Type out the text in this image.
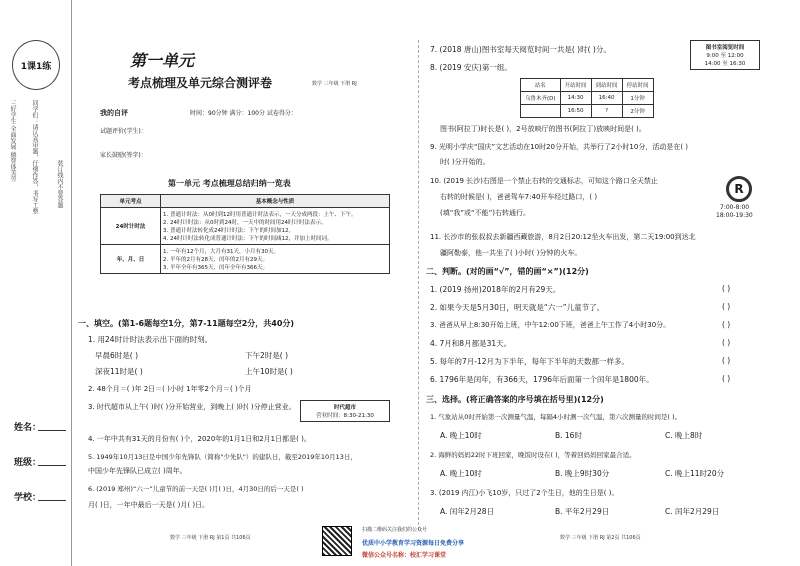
1课1练
三好学生 全面发展 德智体美劳	同学们：请认真审题，仔细作答，书写工整	装订线内不要答题
姓名：
班级：
学校：
第一单元
考点梳理及单元综合测评卷	数学 三年级 下册 RJ
我的自评	时间：90分钟 满分：100分 试卷得分：
试题评价(学生)：
家长鼓励(签字)：
第一单元 考点梳理总结归纳一览表
单元考点	基本概念与性质
24时计时法	1. 普通计时法：从0时到12时用普通计时法表示，一天分成两段：上午、下午。
2. 24时计时法：从0时到24时，一天中的时间用24时计时法表示。
3. 普通计时法转化成24时计时法：下午的时间加12。
4. 24时计时法转化成普通计时法：下午的时间减12，并加上时间词。

年、月、日	1. 一年有12个月，大月有31天，小月有30天。
2. 平年的2月有28天，闰年的2月有29天。
3. 平年全年有365天，闰年全年有366天。
一、填空。(第1-6题每空1分，第7-11题每空2分，共40分)
1. 用24时计时法表示出下面的时刻。
早晨6时是( )	下午2时是( )
深夜11时是( )	上午10时是( )
2. 48个月＝( )年 2日＝( )小时 1年零2个月＝( )个月
3. 时代超市从上午( )时( )分开始营业，到晚上( )时( )分停止营业。	时代超市
营业时间：8:30-21:30
4. 一年中共有31天的月份有( )个，2020年的1月1日和2月1日都是( )。
5. 1949年10月13日是中国少年先锋队（简称"少先队"）的建队日，截至2019年10月13日，
中国少年先锋队已成立( )周年。
6. (2019 郑州)“六一”儿童节的前一天是( )月( )日，4月30日的后一天是( )
月( )日，一年中最后一天是( )月( )日。
数学 三年级 下册 RJ 第1页 共106页
7. (2018 唐山)图书室每天阅览时间一共是( )时( )分。	图书室阅览时间
9:00 至 12:00
14:00 至 16:30
8. (2019 安庆)第一组。
站名	开站时间	到站时间	停站时间
乌鲁木齐(D)	14:30	16:40	1分钟
	16:50	?	2分钟
图书(阿拉丁)时长是( )，2号放映厅的图书(阿拉丁)放映时间是( )。
9. 光明小学庆“国庆”文艺活动在10时20分开始，共举行了2小时10分，活动是在( )
时( )分开始的。
10. (2019 长沙)右图是一个禁止右转的交通标志，可知这个路口全天禁止
右转的时候是( )，爸爸驾车7:40开车经过路口，( )
(填“我”或“不能”)右转通行。
R
7:00-8:00
18:00-19:30
11. 长沙市的张叔叔去新疆西藏旅游，8月2日20:12坐火车出发，第二天19:00到达北
疆阿勒泰，他一共坐了( )小时( )分钟的火车。
二、判断。(对的画“√”，错的画“×”)(12分)
1. (2019 扬州)2018年的2月有29天。	( )
2. 如果今天是5月30日，明天就是“六一”儿童节了。	( )
3. 爸爸从早上8:30开始上班，中午12:00下班，爸爸上午工作了4小时30分。	( )
4. 7月和8月都是31天。	( )
5. 每年的7月-12月为下半年，每年下半年的天数都一样多。	( )
6. 1796年是闰年，有366天，1796年后面第一个闰年是1800年。	( )
三、选择。(将正确答案的序号填在括号里)(12分)
1. 气象站从0时开始第一次测量气温，每隔4小时测一次气温，第六次测量的时间是( )。
A. 晚上10时	B. 16时	C. 晚上8时
2. 海鲜的妈妈22时下班回家，晚饭时设在( )，等着回妈妈回家最合适。
A. 晚上10时	B. 晚上9时30分	C. 晚上11时20分
3. (2019 内江)小飞10岁，只过了2个生日，他的生日是( )。
A. 闰年2月28日	B. 平年2月29日	C. 闰年2月29日
数学 三年级 下册 RJ 第2页 共106页
扫描二维码关注我们的公众号
优质中小学教育学习资源每日免费分享
微信公众号名称：校汇学习课堂
